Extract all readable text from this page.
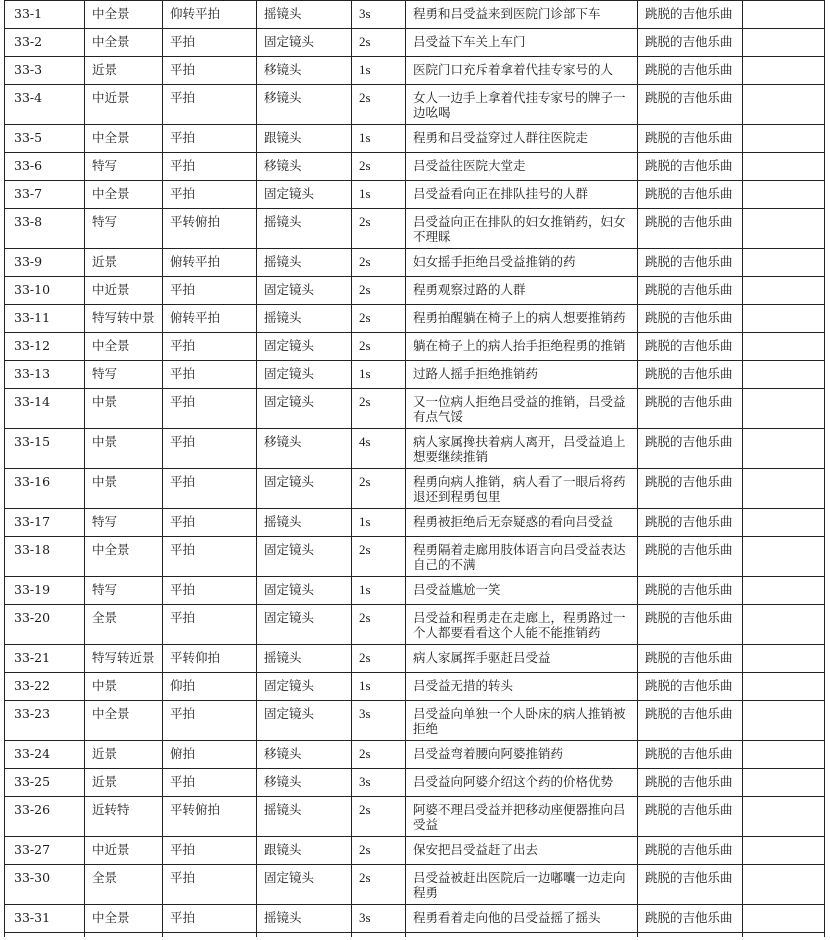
33-1	中全景	仰转平拍	摇镜头	3s	程勇和吕受益来到医院门诊部下车	跳脱的吉他乐曲	
33-2	中全景	平拍	固定镜头	2s	吕受益下车关上车门	跳脱的吉他乐曲	
33-3	近景	平拍	移镜头	1s	医院门口充斥着拿着代挂专家号的人	跳脱的吉他乐曲	
33-4	中近景	平拍	移镜头	2s	女人一边手上拿着代挂专家号的牌子一边吆喝	跳脱的吉他乐曲	
33-5	中全景	平拍	跟镜头	1s	程勇和吕受益穿过人群往医院走	跳脱的吉他乐曲	
33-6	特写	平拍	移镜头	2s	吕受益往医院大堂走	跳脱的吉他乐曲	
33-7	中全景	平拍	固定镜头	1s	吕受益看向正在排队挂号的人群	跳脱的吉他乐曲	
33-8	特写	平转俯拍	摇镜头	2s	吕受益向正在排队的妇女推销药，妇女不理睬	跳脱的吉他乐曲	
33-9	近景	俯转平拍	摇镜头	2s	妇女摇手拒绝吕受益推销的药	跳脱的吉他乐曲	
33-10	中近景	平拍	固定镜头	2s	程勇观察过路的人群	跳脱的吉他乐曲	
33-11	特写转中景	俯转平拍	摇镜头	2s	程勇拍醒躺在椅子上的病人想要推销药	跳脱的吉他乐曲	
33-12	中全景	平拍	固定镜头	2s	躺在椅子上的病人抬手拒绝程勇的推销	跳脱的吉他乐曲	
33-13	特写	平拍	固定镜头	1s	过路人摇手拒绝推销药	跳脱的吉他乐曲	
33-14	中景	平拍	固定镜头	2s	又一位病人拒绝吕受益的推销，吕受益有点气馁	跳脱的吉他乐曲	
33-15	中景	平拍	移镜头	4s	病人家属搀扶着病人离开，吕受益追上想要继续推销	跳脱的吉他乐曲	
33-16	中景	平拍	固定镜头	2s	程勇向病人推销，病人看了一眼后将药退还到程勇包里	跳脱的吉他乐曲	
33-17	特写	平拍	摇镜头	1s	程勇被拒绝后无奈疑惑的看向吕受益	跳脱的吉他乐曲	
33-18	中全景	平拍	固定镜头	2s	程勇隔着走廊用肢体语言向吕受益表达自己的不满	跳脱的吉他乐曲	
33-19	特写	平拍	固定镜头	1s	吕受益尴尬一笑	跳脱的吉他乐曲	
33-20	全景	平拍	固定镜头	2s	吕受益和程勇走在走廊上，程勇路过一个人都要看看这个人能不能推销药	跳脱的吉他乐曲	
33-21	特写转近景	平转仰拍	摇镜头	2s	病人家属挥手驱赶吕受益	跳脱的吉他乐曲	
33-22	中景	仰拍	固定镜头	1s	吕受益无措的转头	跳脱的吉他乐曲	
33-23	中全景	平拍	固定镜头	3s	吕受益向单独一个人卧床的病人推销被拒绝	跳脱的吉他乐曲	
33-24	近景	俯拍	移镜头	2s	吕受益弯着腰向阿婆推销药	跳脱的吉他乐曲	
33-25	近景	平拍	移镜头	3s	吕受益向阿婆介绍这个药的价格优势	跳脱的吉他乐曲	
33-26	近转特	平转俯拍	摇镜头	2s	阿婆不理吕受益并把移动座便器推向吕受益	跳脱的吉他乐曲	
33-27	中近景	平拍	跟镜头	2s	保安把吕受益赶了出去	跳脱的吉他乐曲	
33-30	全景	平拍	固定镜头	2s	吕受益被赶出医院后一边嘟囔一边走向程勇	跳脱的吉他乐曲	
33-31	中全景	平拍	摇镜头	3s	程勇看着走向他的吕受益摇了摇头	跳脱的吉他乐曲	
